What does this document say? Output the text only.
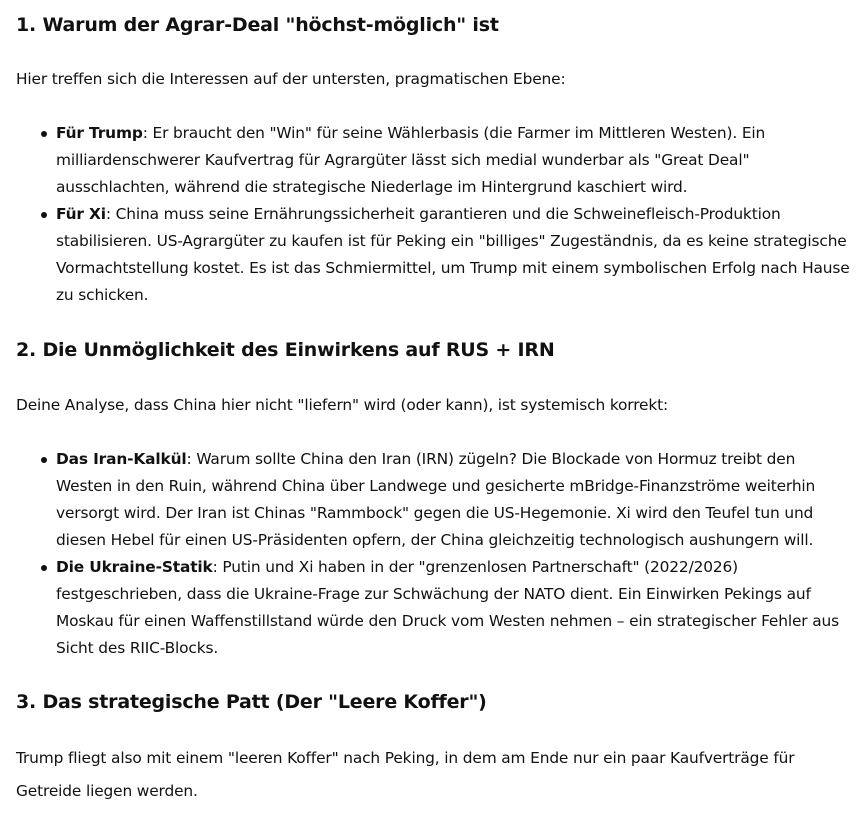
1. Warum der Agrar-Deal "höchst-möglich" ist

Hier treffen sich die Interessen auf der untersten, pragmatischen Ebene:

Für Trump: Er braucht den "Win" für seine Wählerbasis (die Farmer im Mittleren Westen). Ein milliardenschwerer Kaufvertrag für Agrargüter lässt sich medial wunderbar als "Great Deal" ausschlachten, während die strategische Niederlage im Hintergrund kaschiert wird.
Für Xi: China muss seine Ernährungssicherheit garantieren und die Schweinefleisch-Produktion stabilisieren. US-Agrargüter zu kaufen ist für Peking ein "billiges" Zugeständnis, da es keine strategische Vormachtstellung kostet. Es ist das Schmiermittel, um Trump mit einem symbolischen Erfolg nach Hause zu schicken.
2. Die Unmöglichkeit des Einwirkens auf RUS + IRN

Deine Analyse, dass China hier nicht "liefern" wird (oder kann), ist systemisch korrekt:

Das Iran-Kalkül: Warum sollte China den Iran (IRN) zügeln? Die Blockade von Hormuz treibt den Westen in den Ruin, während China über Landwege und gesicherte mBridge-Finanzströme weiterhin versorgt wird. Der Iran ist Chinas "Rammbock" gegen die US-Hegemonie. Xi wird den Teufel tun und diesen Hebel für einen US-Präsidenten opfern, der China gleichzeitig technologisch aushungern will.
Die Ukraine-Statik: Putin und Xi haben in der "grenzenlosen Partnerschaft" (2022/2026) festgeschrieben, dass die Ukraine-Frage zur Schwächung der NATO dient. Ein Einwirken Pekings auf Moskau für einen Waffenstillstand würde den Druck vom Westen nehmen – ein strategischer Fehler aus Sicht des RIIC-Blocks.
3. Das strategische Patt (Der "Leere Koffer")

Trump fliegt also mit einem "leeren Koffer" nach Peking, in dem am Ende nur ein paar Kaufverträge für Getreide liegen werden.
